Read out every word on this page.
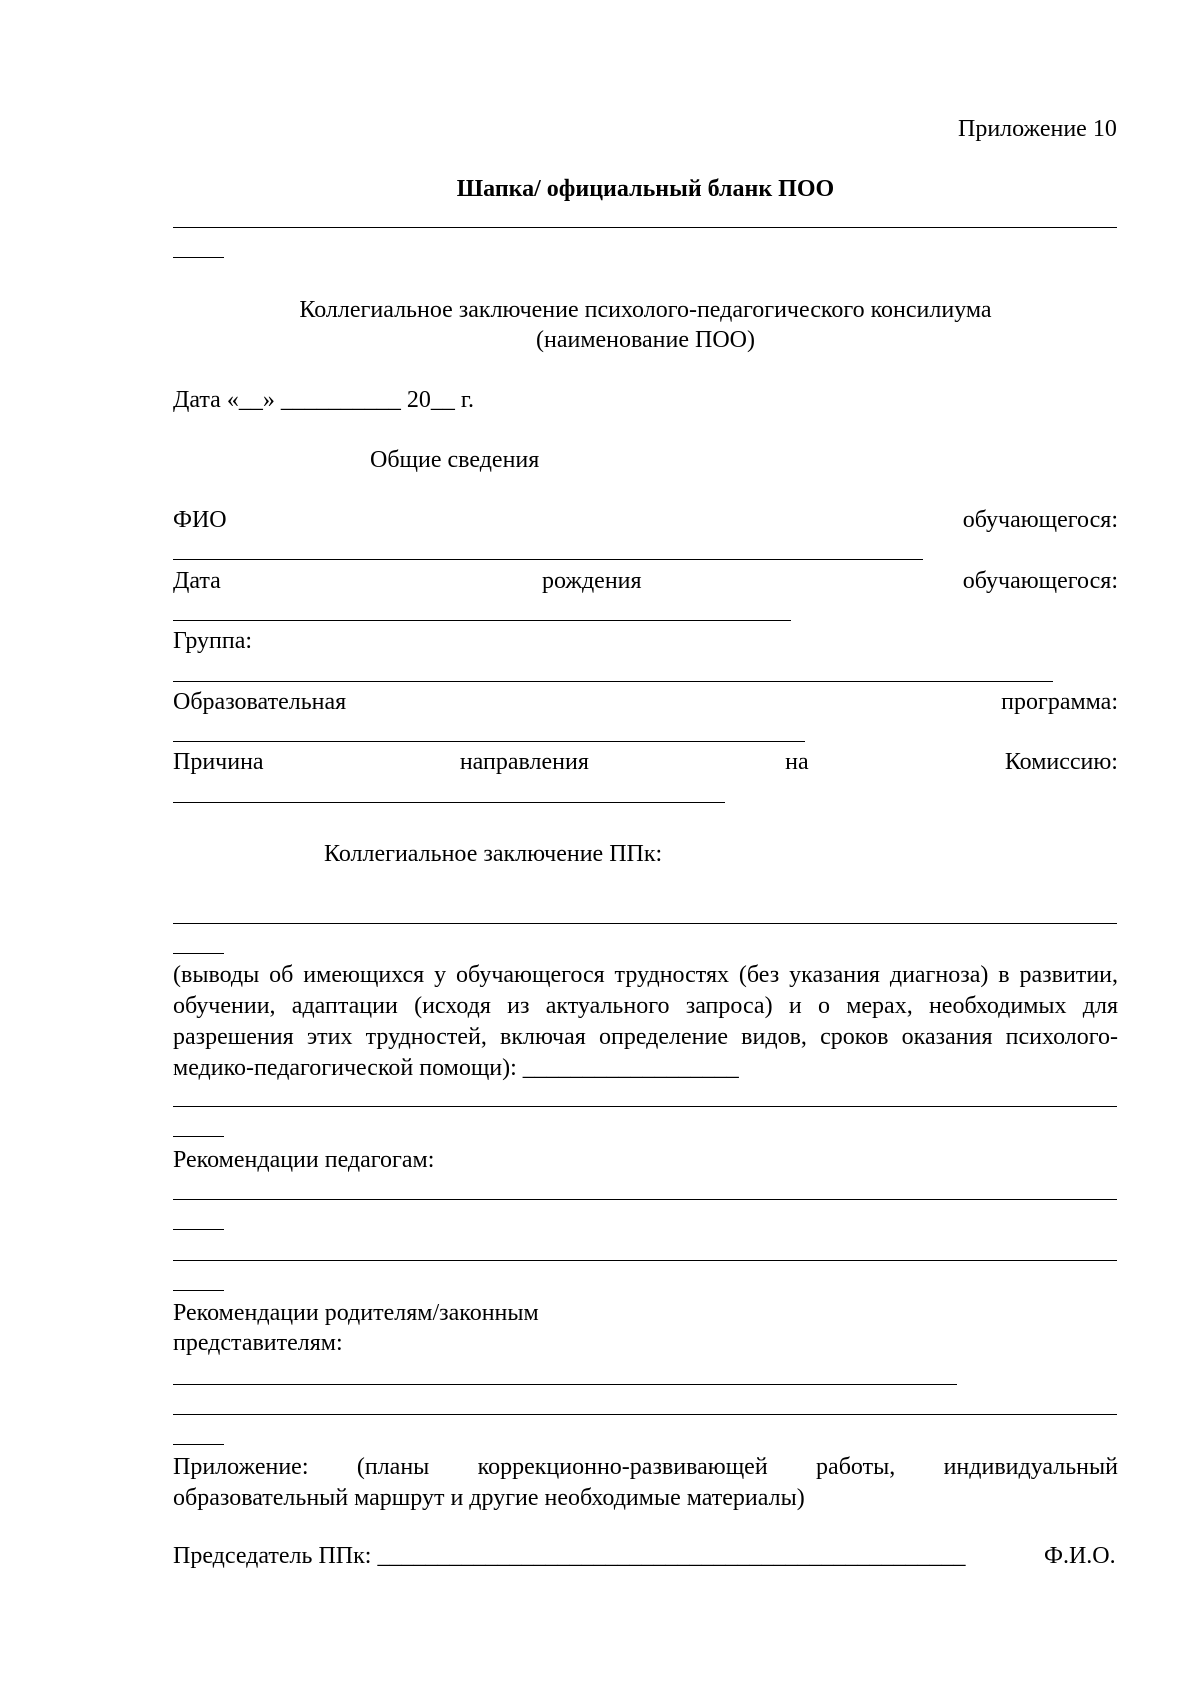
Приложение 10
Шапка/ официальный бланк ПОО
Коллегиальное заключение психолого-педагогического консилиума
(наименование ПОО)
Дата «__» __________ 20__ г.
Общие сведения
ФИО	обучающегося:
Дата	рождения	обучающегося:
Группа:
Образовательная	программа:
Причина	направления	на	Комиссию:
Коллегиальное заключение ППк:
(выводы об имеющихся у обучающегося трудностях (без указания диагноза) в развитии, обучении, адаптации (исходя из актуального запроса) и о мерах, необходимых для разрешения этих трудностей, включая определение видов, сроков оказания психолого-медико-педагогической помощи): __________________
Рекомендации педагогам:
Рекомендации родителям/законным
представителям:
Приложение: (планы коррекционно-развивающей работы, индивидуальный образовательный маршрут и другие необходимые материалы)
Председатель ППк: _________________________________________________	Ф.И.О.
